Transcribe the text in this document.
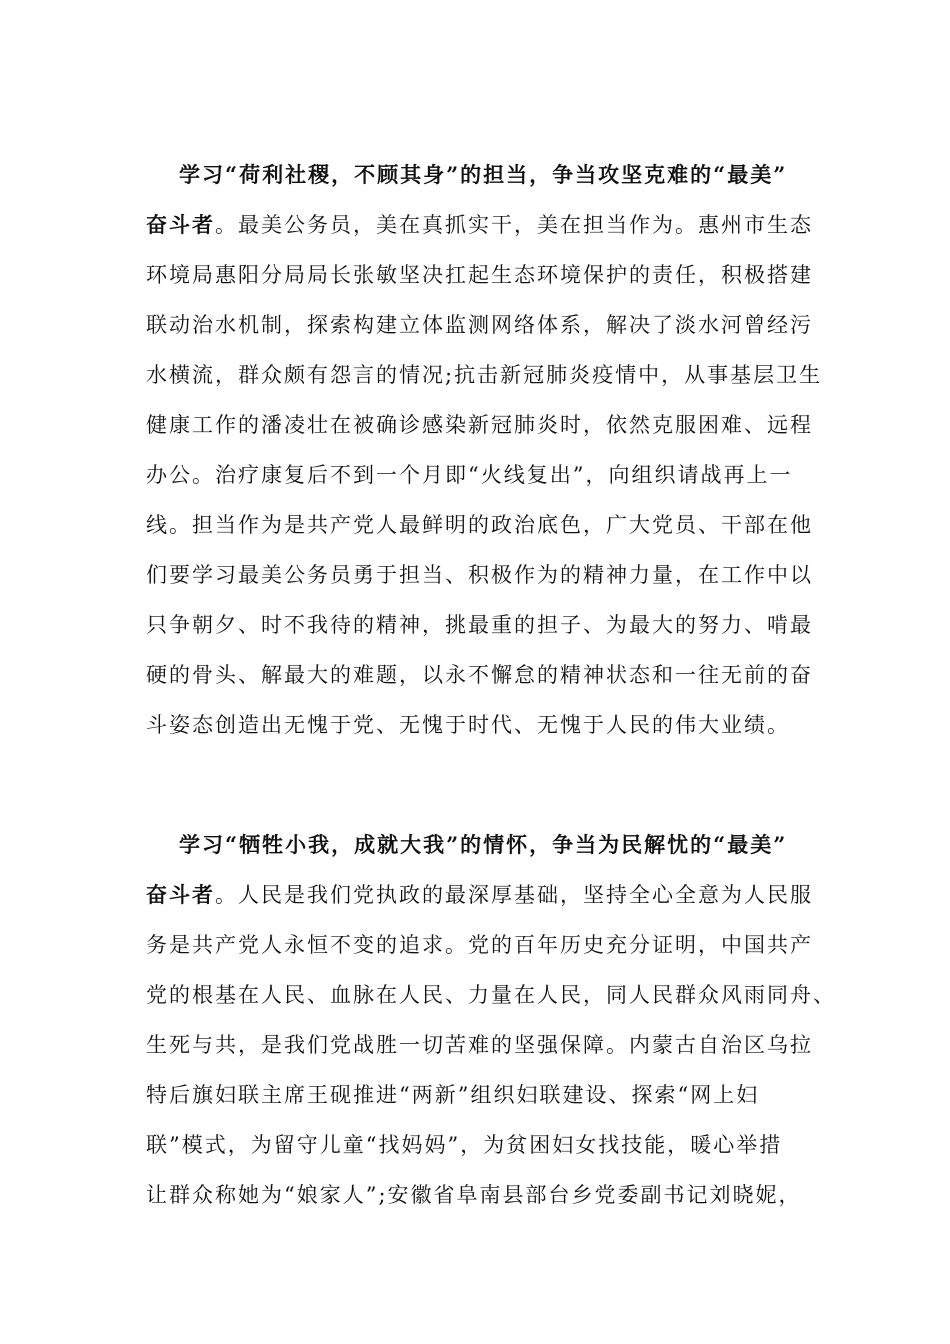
学习“荷利社稷，不顾其身”的担当，争当攻坚克难的“最美”
奋斗者。最美公务员，美在真抓实干，美在担当作为。惠州市生态
环境局惠阳分局局长张敏坚决扛起生态环境保护的责任，积极搭建
联动治水机制，探索构建立体监测网络体系，解决了淡水河曾经污
水横流，群众颇有怨言的情况;抗击新冠肺炎疫情中，从事基层卫生
健康工作的潘凌壮在被确诊感染新冠肺炎时，依然克服困难、远程
办公。治疗康复后不到一个月即“火线复出”，向组织请战再上一
线。担当作为是共产党人最鲜明的政治底色，广大党员、干部在他
们要学习最美公务员勇于担当、积极作为的精神力量，在工作中以
只争朝夕、时不我待的精神，挑最重的担子、为最大的努力、啃最
硬的骨头、解最大的难题，以永不懈怠的精神状态和一往无前的奋
斗姿态创造出无愧于党、无愧于时代、无愧于人民的伟大业绩。
学习“牺牲小我，成就大我”的情怀，争当为民解忧的“最美”
奋斗者。人民是我们党执政的最深厚基础，坚持全心全意为人民服
务是共产党人永恒不变的追求。党的百年历史充分证明，中国共产
党的根基在人民、血脉在人民、力量在人民，同人民群众风雨同舟、
生死与共，是我们党战胜一切苦难的坚强保障。内蒙古自治区乌拉
特后旗妇联主席王砚推进“两新”组织妇联建设、探索“网上妇
联”模式，为留守儿童“找妈妈”，为贫困妇女找技能，暖心举措
让群众称她为“娘家人”;安徽省阜南县部台乡党委副书记刘晓妮，
